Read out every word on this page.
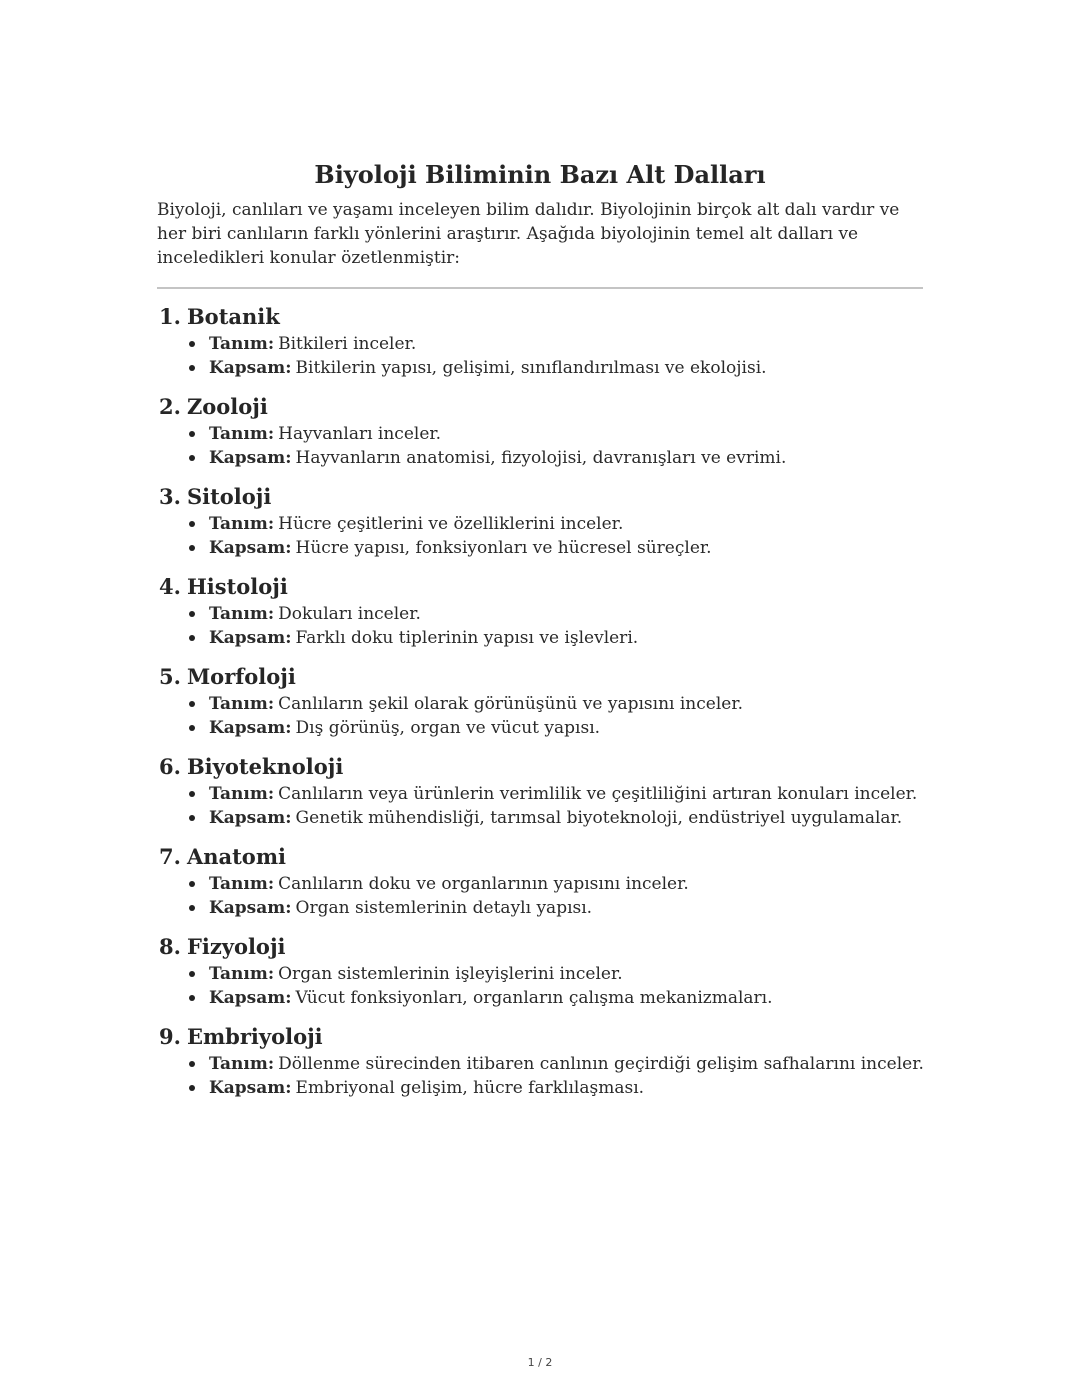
Biyoloji Biliminin Bazı Alt Dalları

Biyoloji, canlıları ve yaşamı inceleyen bilim dalıdır. Biyolojinin birçok alt dalı vardır ve her biri canlıların farklı yönlerini araştırır. Aşağıda biyolojinin temel alt dalları ve inceledikleri konular özetlenmiştir:

1. Botanik
Tanım: Bitkileri inceler.
Kapsam: Bitkilerin yapısı, gelişimi, sınıflandırılması ve ekolojisi.
2. Zooloji
Tanım: Hayvanları inceler.
Kapsam: Hayvanların anatomisi, fizyolojisi, davranışları ve evrimi.
3. Sitoloji
Tanım: Hücre çeşitlerini ve özelliklerini inceler.
Kapsam: Hücre yapısı, fonksiyonları ve hücresel süreçler.
4. Histoloji
Tanım: Dokuları inceler.
Kapsam: Farklı doku tiplerinin yapısı ve işlevleri.
5. Morfoloji
Tanım: Canlıların şekil olarak görünüşünü ve yapısını inceler.
Kapsam: Dış görünüş, organ ve vücut yapısı.
6. Biyoteknoloji
Tanım: Canlıların veya ürünlerin verimlilik ve çeşitliliğini artıran konuları inceler.
Kapsam: Genetik mühendisliği, tarımsal biyoteknoloji, endüstriyel uygulamalar.
7. Anatomi
Tanım: Canlıların doku ve organlarının yapısını inceler.
Kapsam: Organ sistemlerinin detaylı yapısı.
8. Fizyoloji
Tanım: Organ sistemlerinin işleyişlerini inceler.
Kapsam: Vücut fonksiyonları, organların çalışma mekanizmaları.
9. Embriyoloji
Tanım: Döllenme sürecinden itibaren canlının geçirdiği gelişim safhalarını inceler.
Kapsam: Embriyonal gelişim, hücre farklılaşması.
1 / 2
